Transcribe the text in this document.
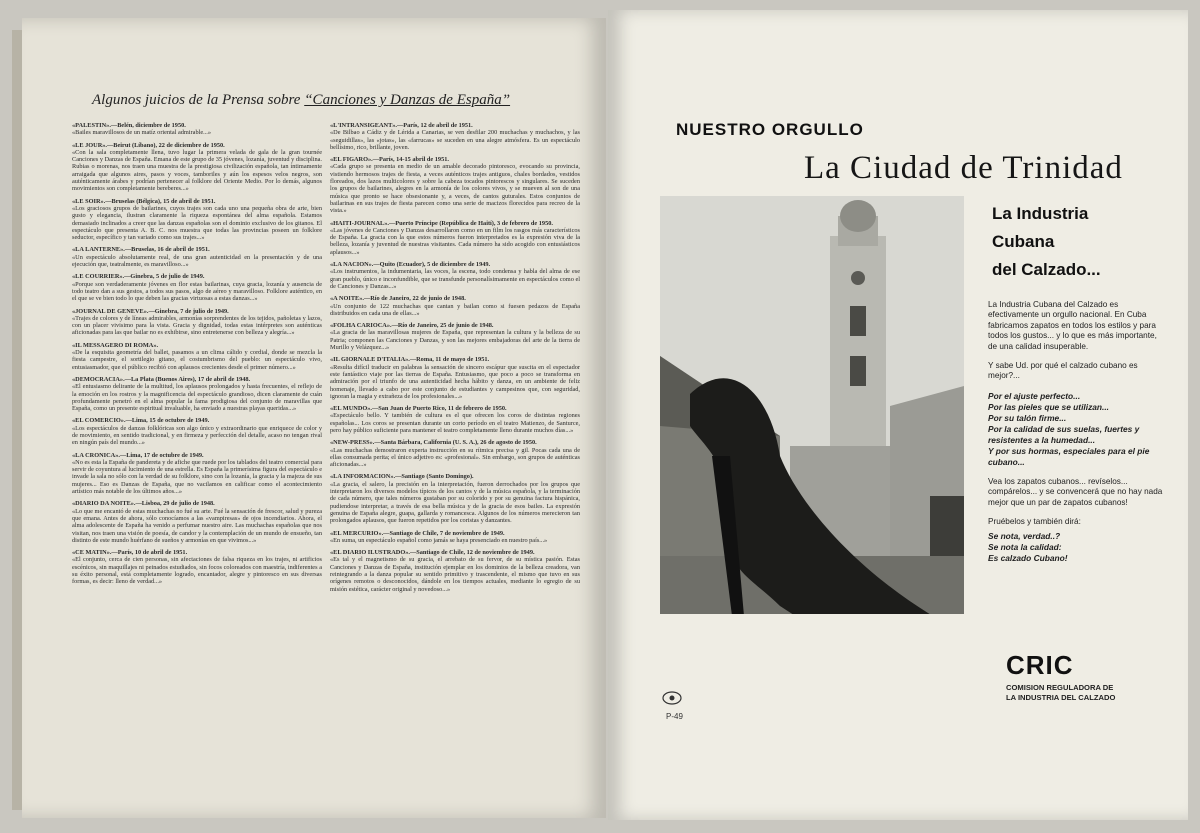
Algunos juicios de la Prensa sobre “Canciones y Danzas de España”
«PALESTIN».—Belén, diciembre de 1950.
«Bailes maravillosos de un matíz oriental admirable...»
«LE JOUR».—Beirut (Líbano), 22 de diciembre de 1950.
«Con la sala completamente llena, tuvo lugar la primera velada de gala de la gran tournée Canciones y Danzas de España. Emana de este grupo de 35 jóvenes, lozanía, juventud y disciplina. Rubias o morenas, nos traen una muestra de la prestigiosa civilización española, tan íntimamente arraigada que algunos aires, pasos y voces, tamboriles y aún los espesos velos negros, son auténticamente árabes y podrían pertenecer al folklore del Oriente Medio. Por lo demás, algunos movimientos son completamente bereberes...»
«LE SOIR».—Bruselas (Bélgica), 15 de abril de 1951.
«Los graciosos grupos de bailarines, cuyos trajes son cada uno una pequeña obra de arte, bien gusto y elegancia, ilustran claramente la riqueza espontánea del alma española. Estamos demasiado inclinados a creer que las danzas españolas son el dominio exclusivo de los gitanos. El espectáculo que presenta A. B. C. nos muestra que todas las provincias poseen un folklore seductor, específico y tan variado como sus trajes...»
«LA LANTERNE».—Bruselas, 16 de abril de 1951.
«Un espectáculo absolutamente real, de una gran autenticidad en la presentación y de una ejecución que, teatralmente, es maravilloso...»
«LE COURRIER».—Ginebra, 5 de julio de 1949.
«Porque son verdaderamente jóvenes en flor estas bailarinas, cuya gracia, lozanía y ausencia de todo teatro dan a sus gestos, a todos sus pasos, algo de aéreo y maravilloso. Folklore auténtico, en el que se ve bien todo lo que deben las gracias virtuosas a estas danzas...»
«JOURNAL DE GENEVE».—Ginebra, 7 de julio de 1949.
«Trajes de colores y de líneas admirables, armonías sorprendentes de los tejidos, pañoletas y lazos, con un placer vivisimo para la vista. Gracia y dignidad, todas estas intérpretes son auténticas aficionadas para las que bailar no es exhibirse, sino entretenerse con belleza y alegría...»
«IL MESSAGERO DI ROMA».
«De la esquisita geometría del ballet, pasamos a un clima cálido y cordial, donde se mezcla la fiesta campestre, el sortilegio gitano, el costumbrismo del pueblo: un espectáculo vivo, entusiasmador, que el público recibió con aplausos crecientes desde el primer número...»
«DEMOCRACIA».—La Plata (Buenos Aires), 17 de abril de 1948.
«El entusiasmo delirante de la multitud, los aplausos prolongados y hasta frecuentes, el reflejo de la emoción en los rostros y la magnificencia del espectáculo grandioso, dicen claramente de cuán profundamente penetró en el alma popular la fama prodigiosa del conjunto de maravillas que España, como un presente espiritual invaluable, ha enviado a nuestras playas queridas...»
«EL COMERCIO».—Lima, 15 de octubre de 1949.
«Los espectáculos de danzas folklóricas son algo único y extraordinario que enriquece de color y de movimiento, en sentido tradicional, y en firmeza y perfección del detalle, acaso no tengan rival en ningún país del mundo...»
«LA CRONICA».—Lima, 17 de octubre de 1949.
«No es esta la España de pandereta y de afiche que ruede por los tablados del teatro comercial para servir de coyuntura al lucimiento de una estrella. Es España la primerísima figura del espectáculo e invade la sala no sólo con la verdad de su folklore, sino con la lozanía, la gracia y la majeza de sus mujeres... Eso es Danzas de España, que no vacilamos en calificar como el acontecimiento artístico más notable de los últimos años...»
«DIARIO DA NOITE».—Lisboa, 29 de julio de 1948.
«Lo que me encantó de estas muchachas no fué su arte. Fué la sensación de frescor, salud y pureza que emana. Antes de ahora, sólo conocíamos a las «vampiresas» de ojos incendiarios. Ahora, el alma adolescente de España ha venido a perfumar nuestro aire. Las muchachas españolas que nos visitan, nos traen una visión de poesía, de candor y la contemplación de un mundo de ensueño, tan distinto de este mundo huérfano de sueños y armonías en que vivimos...»
«CE MATIN».—París, 10 de abril de 1951.
«El conjunto, cerca de cien personas, sin afectaciones de falsa riqueza en los trajes, ni artificios escénicos, sin maquillajes ni peinados estudiados, sin focos coloreados con maestría, indiferentes a su éxito personal, está completamente logrado, encantador, alegre y pintoresco en sus diversas formas, es decir: lleno de verdad...»
«L'INTRANSIGEANT».—París, 12 de abril de 1951.
«De Bilbao a Cádiz y de Lérida a Canarias, se ven desfilar 200 muchachas y muchachos, y las «seguidillas», las «jotas», las «farrucas» se suceden en una alegre atmósfera. Es un espectáculo bellísimo, rico, brillante, joven.
«EL FIGARO».—París, 14-15 abril de 1951.
«Cada grupo se presenta en medio de un amable decorado pintoresco, evocando su provincia, vistiendo hermosos trajes de fiesta, a veces auténticos trajes antiguos, chales bordados, vestidos floreados, dos lazos multicolores y sobre la cabeza tocados pintorescos y singulares. Se suceden los grupos de bailarines, alegres en la armonía de los colores vivos, y se mueven al son de una música que pronto se hace obsesionante y, a veces, de cantos guturales. Estos conjuntos de bailarinas en sus trajes de fiesta parecen como una serie de macizos florecidos para recreo de la vista.»
«HAITI-JOURNAL».—Puerto Príncipe (República de Haití), 3 de febrero de 1950.
«Las jóvenes de Canciones y Danzas desarrollaron como en un film los rasgos más característicos de España. La gracia con la que estos números fueron interpretados es la expresión viva de la belleza, lozanía y juventud de nuestras visitantes. Cada número ha sido acogido con entusiásticos aplausos...»
«LA NACION».—Quito (Ecuador), 5 de diciembre de 1949.
«Los instrumentos, la indumentaria, las voces, la escena, todo condensa y habla del alma de ese gran pueblo, único e inconfundible, que se transfunde personalísimamente en espectáculos como el de Canciones y Danzas...»
«A NOITE».—Río de Janeiro, 22 de junio de 1948.
«Un conjunto de 122 muchachas que cantan y bailan como si fuesen pedazos de España distribuidos en cada una de ellas...»
«FOLHA CARIOCA».—Río de Janeiro, 25 de junio de 1948.
«La gracia de las maravillosas mujeres de España, que representan la cultura y la belleza de su Patria; componen las Canciones y Danzas, y son las mejores embajadoras del arte de la tierra de Murillo y Velázquez...»
«IL GIORNALE D'ITALIA».—Roma, 11 de mayo de 1951.
«Resulta difícil traducir en palabras la sensación de sincero escápur que suscita en el espectador este fantástico viaje por las tierras de España. Entusiasmo, que poco a poco se transforma en admiración por el triunfo de una autenticidad hecha hábito y danza, en un ambiente de feliz homenaje, llevado a cabo por este conjunto de estudiantes y campesinos que, con seguridad, ignoran la magia y extrañeza de los profesionales...»
«EL MUNDO».—San Juan de Puerto Rico, 11 de febrero de 1950.
«Espectáculo bello. Y también de cultura es el que ofrecen los coros de distintas regiones españolas... Los coros se presentan durante un corto período en el teatro Matienzo, de Santurce, pero hay público suficiente para mantener el teatro completamente lleno durante muchos días...»
«NEW-PRESS».—Santa Bárbara, California (U. S. A.), 26 de agosto de 1950.
«Las muchachas demostraron experta instrucción en su rítmica precisa y gil. Pocas cada una de ellas consumada perita; el único adjetivo es: «profesional». Sin embargo, son grupos de auténticas aficionadas...»
«LA INFORMACION».—Santiago (Santo Domingo).
«La gracia, el salero, la precisión en la interpretación, fueron derrochados por los grupos que interpretaron los diversos modelos típicos de los cantos y de la música española, y la terminación de cada número, que tales números gustaban por su colorido y por su genuina factura hispánica, pudiendose interpretar, a través de esa bella música y de la gracia de esos bailes. La expresión genuina de España alegre, guapa, gallarda y romancesca. Algunos de los números merecieron tan prolongados aplausos, que fueron repetidos por los coristas y danzantes.
«EL MERCURIO».—Santiago de Chile, 7 de noviembre de 1949.
«En suma, un espectáculo español como jamás se haya presenciado en nuestro país...»
«EL DIARIO ILUSTRADO».—Santiago de Chile, 12 de noviembre de 1949.
«Es tal y el magnetismo de su gracia, el arrebato de su fervor, de su mística pasión. Estas Canciones y Danzas de España, institución ejemplar en los dominios de la belleza creadora, van reintegrando a la danza popular su sentido primitivo y trascendente, el mismo que tuvo en sus orígenes remotos o desconocidos, dándole en los tiempos actuales, mediante lo egregio de su misión estética, carácter original y novedoso...»
NUESTRO ORGULLO
La Ciudad de Trinidad
La Industria
Cubana
del Calzado...

La Industria Cubana del Calzado es efectivamente un orgullo nacional. En Cuba fabricamos zapatos en todos los estilos y para todos los gustos... y lo que es más importante, de una calidad insuperable.

Y sabe Ud. por qué el calzado cubano es mejor?...

Por el ajuste perfecto...
Por las pieles que se utilizan...
Por su talón firme...
Por la calidad de sus suelas, fuertes y resistentes a la humedad...
Y por sus hormas, especiales para el pie cubano...

Vea los zapatos cubanos... revíselos... compárelos... y se convencerá que no hay nada mejor que un par de zapatos cubanos!

Pruébelos y también dirá:

Se nota, verdad..?
Se nota la calidad:
Es calzado Cubano!
CRIC
COMISION REGULADORA DE
LA INDUSTRIA DEL CALZADO
P-49
